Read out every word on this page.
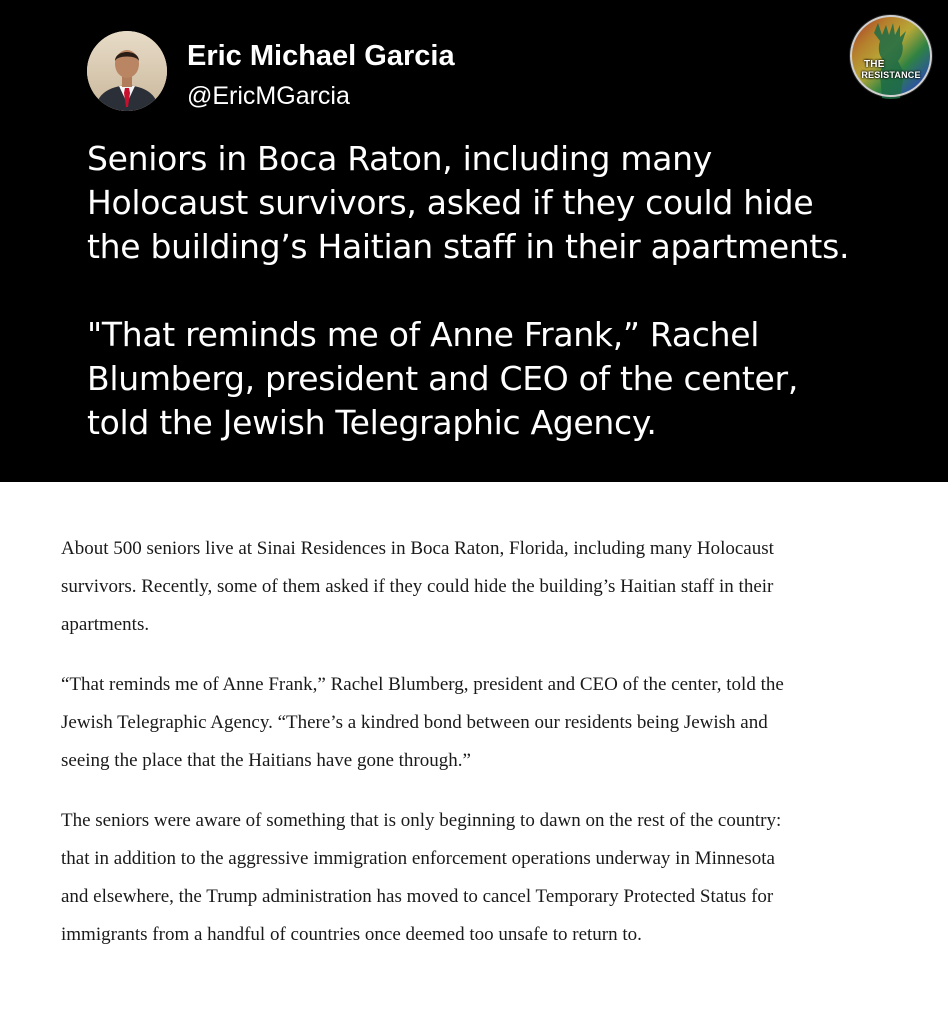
Eric Michael Garcia
@EricMGarcia
THE
RESISTANCE

Seniors in Boca Raton, including many

Holocaust survivors, asked if they could hide

the building’s Haitian staff in their apartments.

"That reminds me of Anne Frank,” Rachel

Blumberg, president and CEO of the center,

told the Jewish Telegraphic Agency.

About 500 seniors live at Sinai Residences in Boca Raton, Florida, including many Holocaust
survivors. Recently, some of them asked if they could hide the building’s Haitian staff in their
apartments.

“That reminds me of Anne Frank,” Rachel Blumberg, president and CEO of the center, told the
Jewish Telegraphic Agency. “There’s a kindred bond between our residents being Jewish and
seeing the place that the Haitians have gone through.”

The seniors were aware of something that is only beginning to dawn on the rest of the country:
that in addition to the aggressive immigration enforcement operations underway in Minnesota
and elsewhere, the Trump administration has moved to cancel Temporary Protected Status for
immigrants from a handful of countries once deemed too unsafe to return to.
